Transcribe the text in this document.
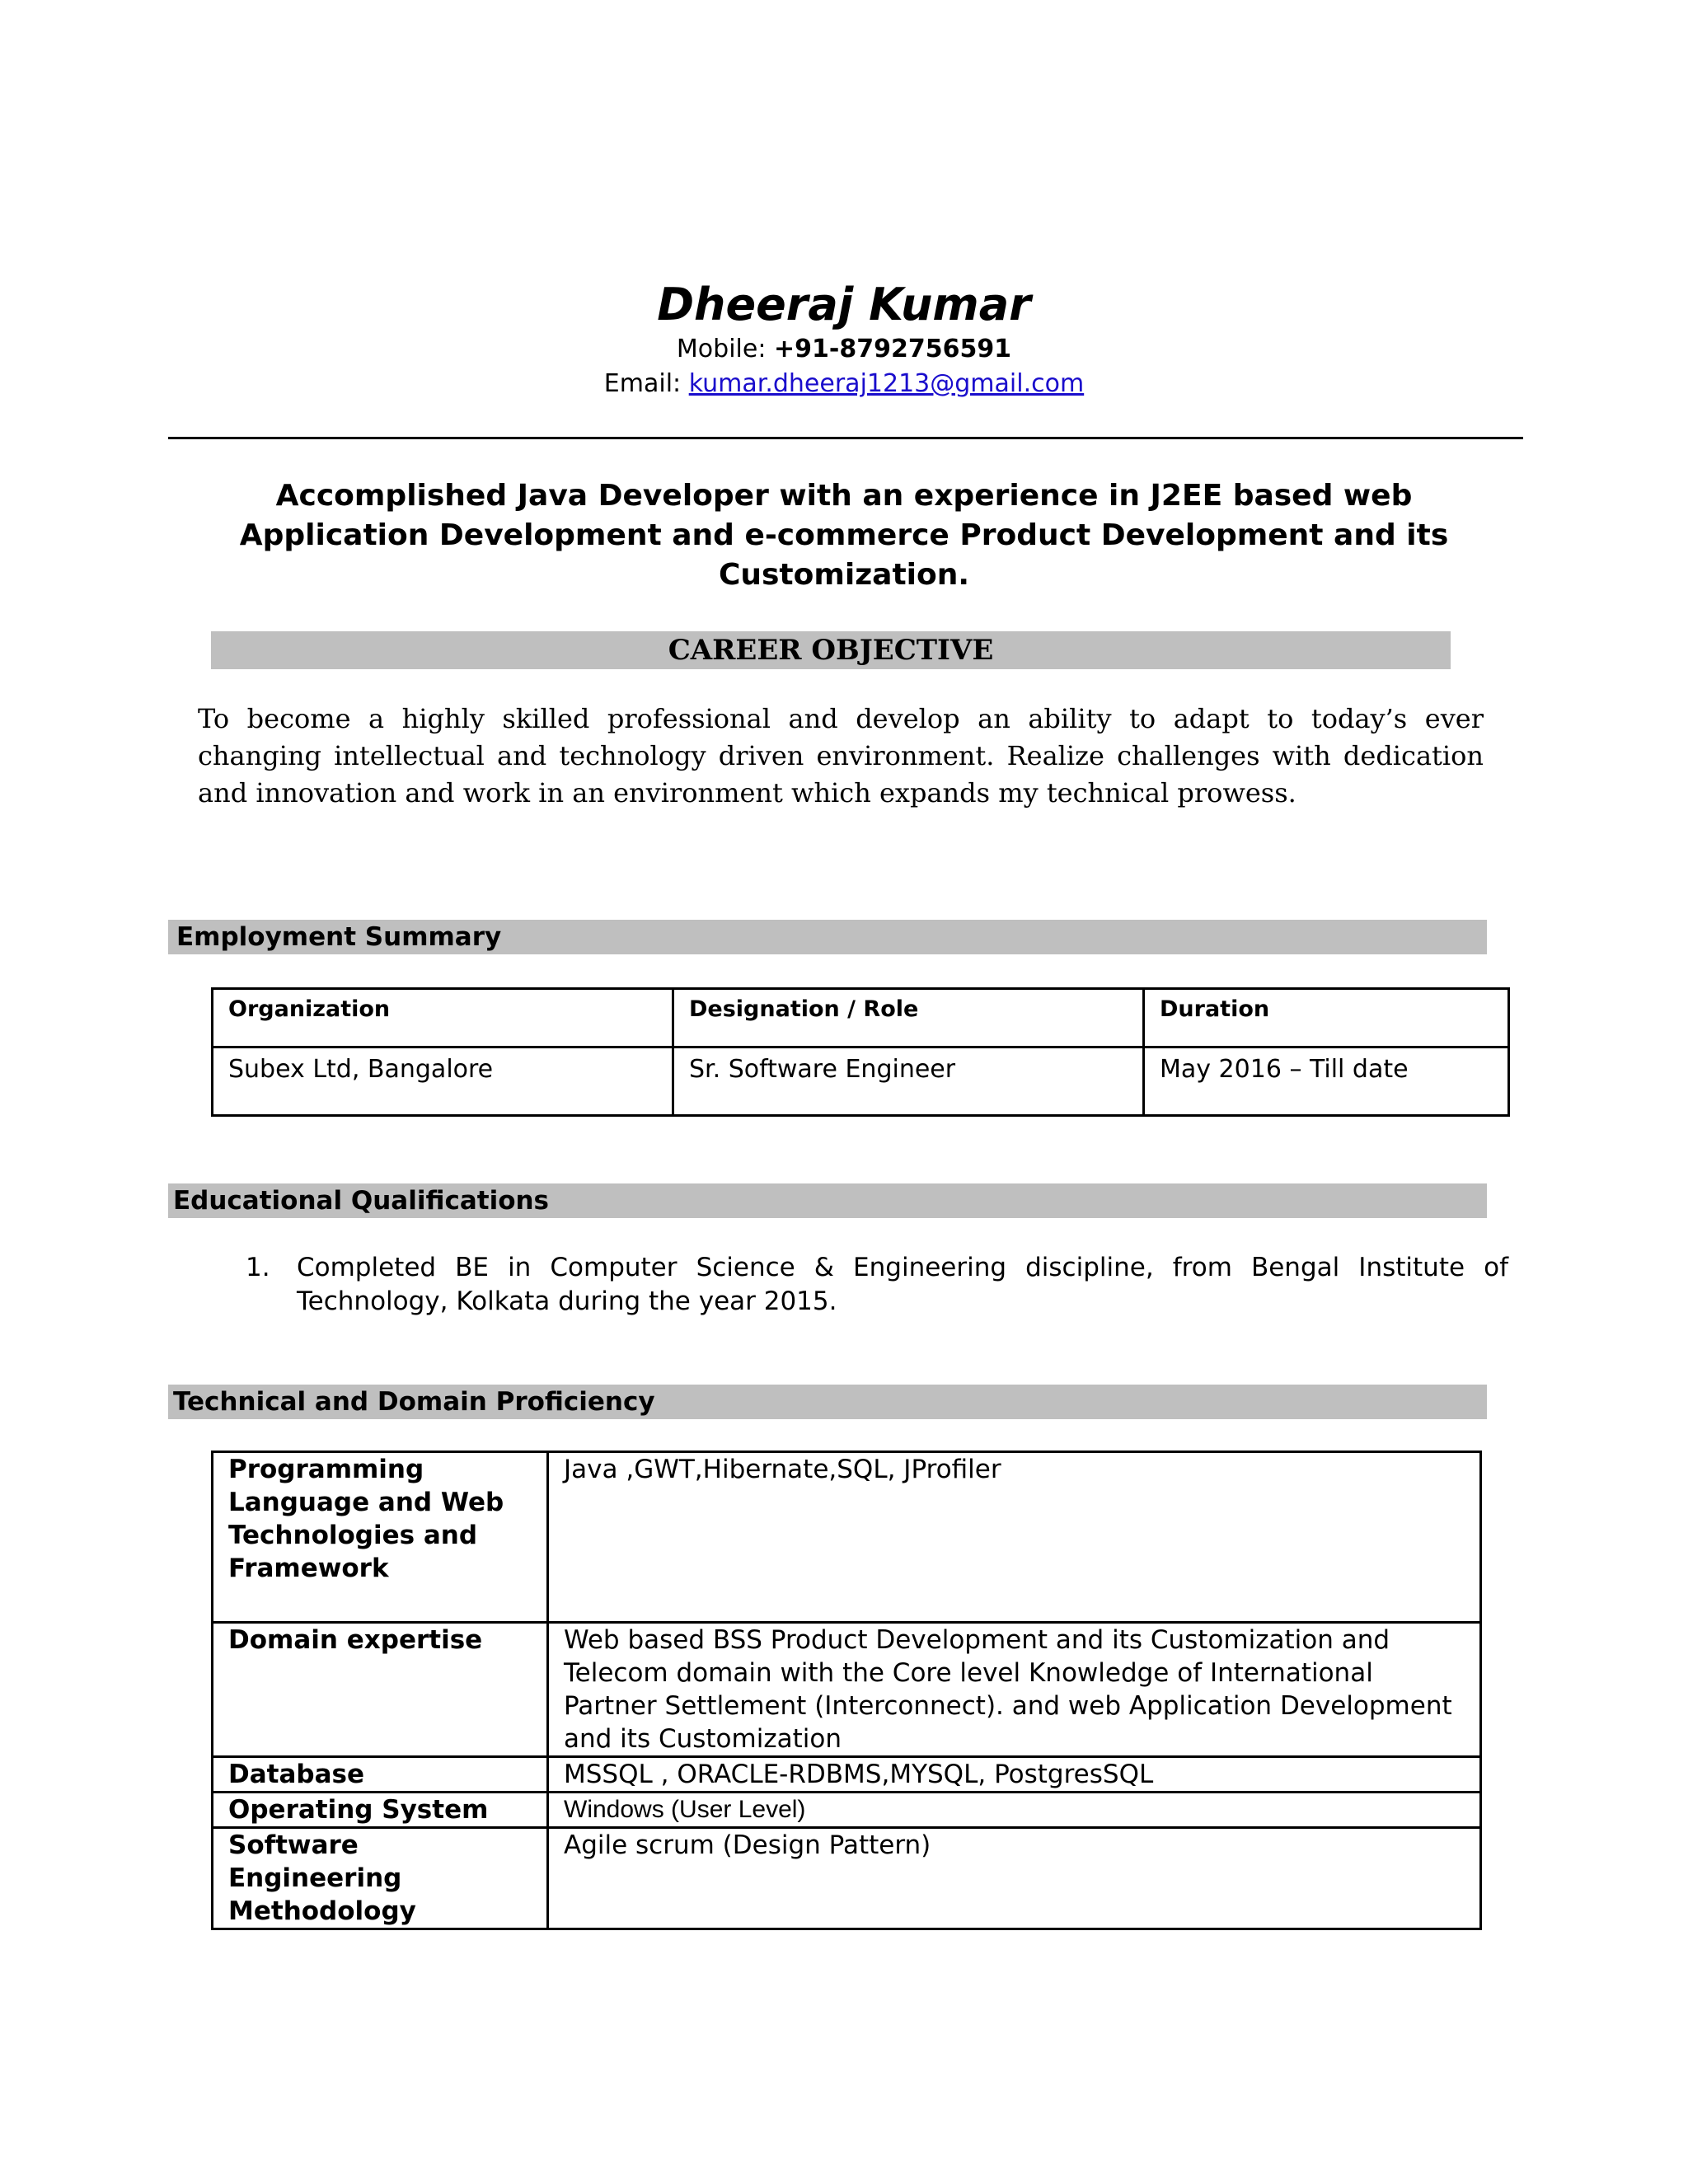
Dheeraj Kumar
Mobile: +91-8792756591
Email: kumar.dheeraj1213@gmail.com
Accomplished Java Developer with an experience in J2EE based web Application Development and e-commerce Product Development and its Customization.
CAREER OBJECTIVE
To become a highly skilled professional and develop an ability to adapt to today’s ever changing intellectual and technology driven environment. Realize challenges with dedication and innovation and work in an environment which expands my technical prowess.
Employment Summary
Organization	Designation / Role	Duration
Subex Ltd, Bangalore	Sr. Software Engineer	May 2016 – Till date
Educational Qualifications
1. Completed BE in Computer Science & Engineering discipline, from Bengal Institute of Technology, Kolkata during the year 2015.
Technical and Domain Proficiency
Programming Language and Web Technologies and Framework	Java ,GWT,Hibernate,SQL, JProfiler
Domain expertise	Web based BSS Product Development and its Customization and Telecom domain with the Core level Knowledge of International Partner Settlement (Interconnect). and web Application Development and its Customization
Database	MSSQL , ORACLE-RDBMS,MYSQL, PostgresSQL
Operating System	Windows (User Level)
Software Engineering Methodology	Agile scrum (Design Pattern)
